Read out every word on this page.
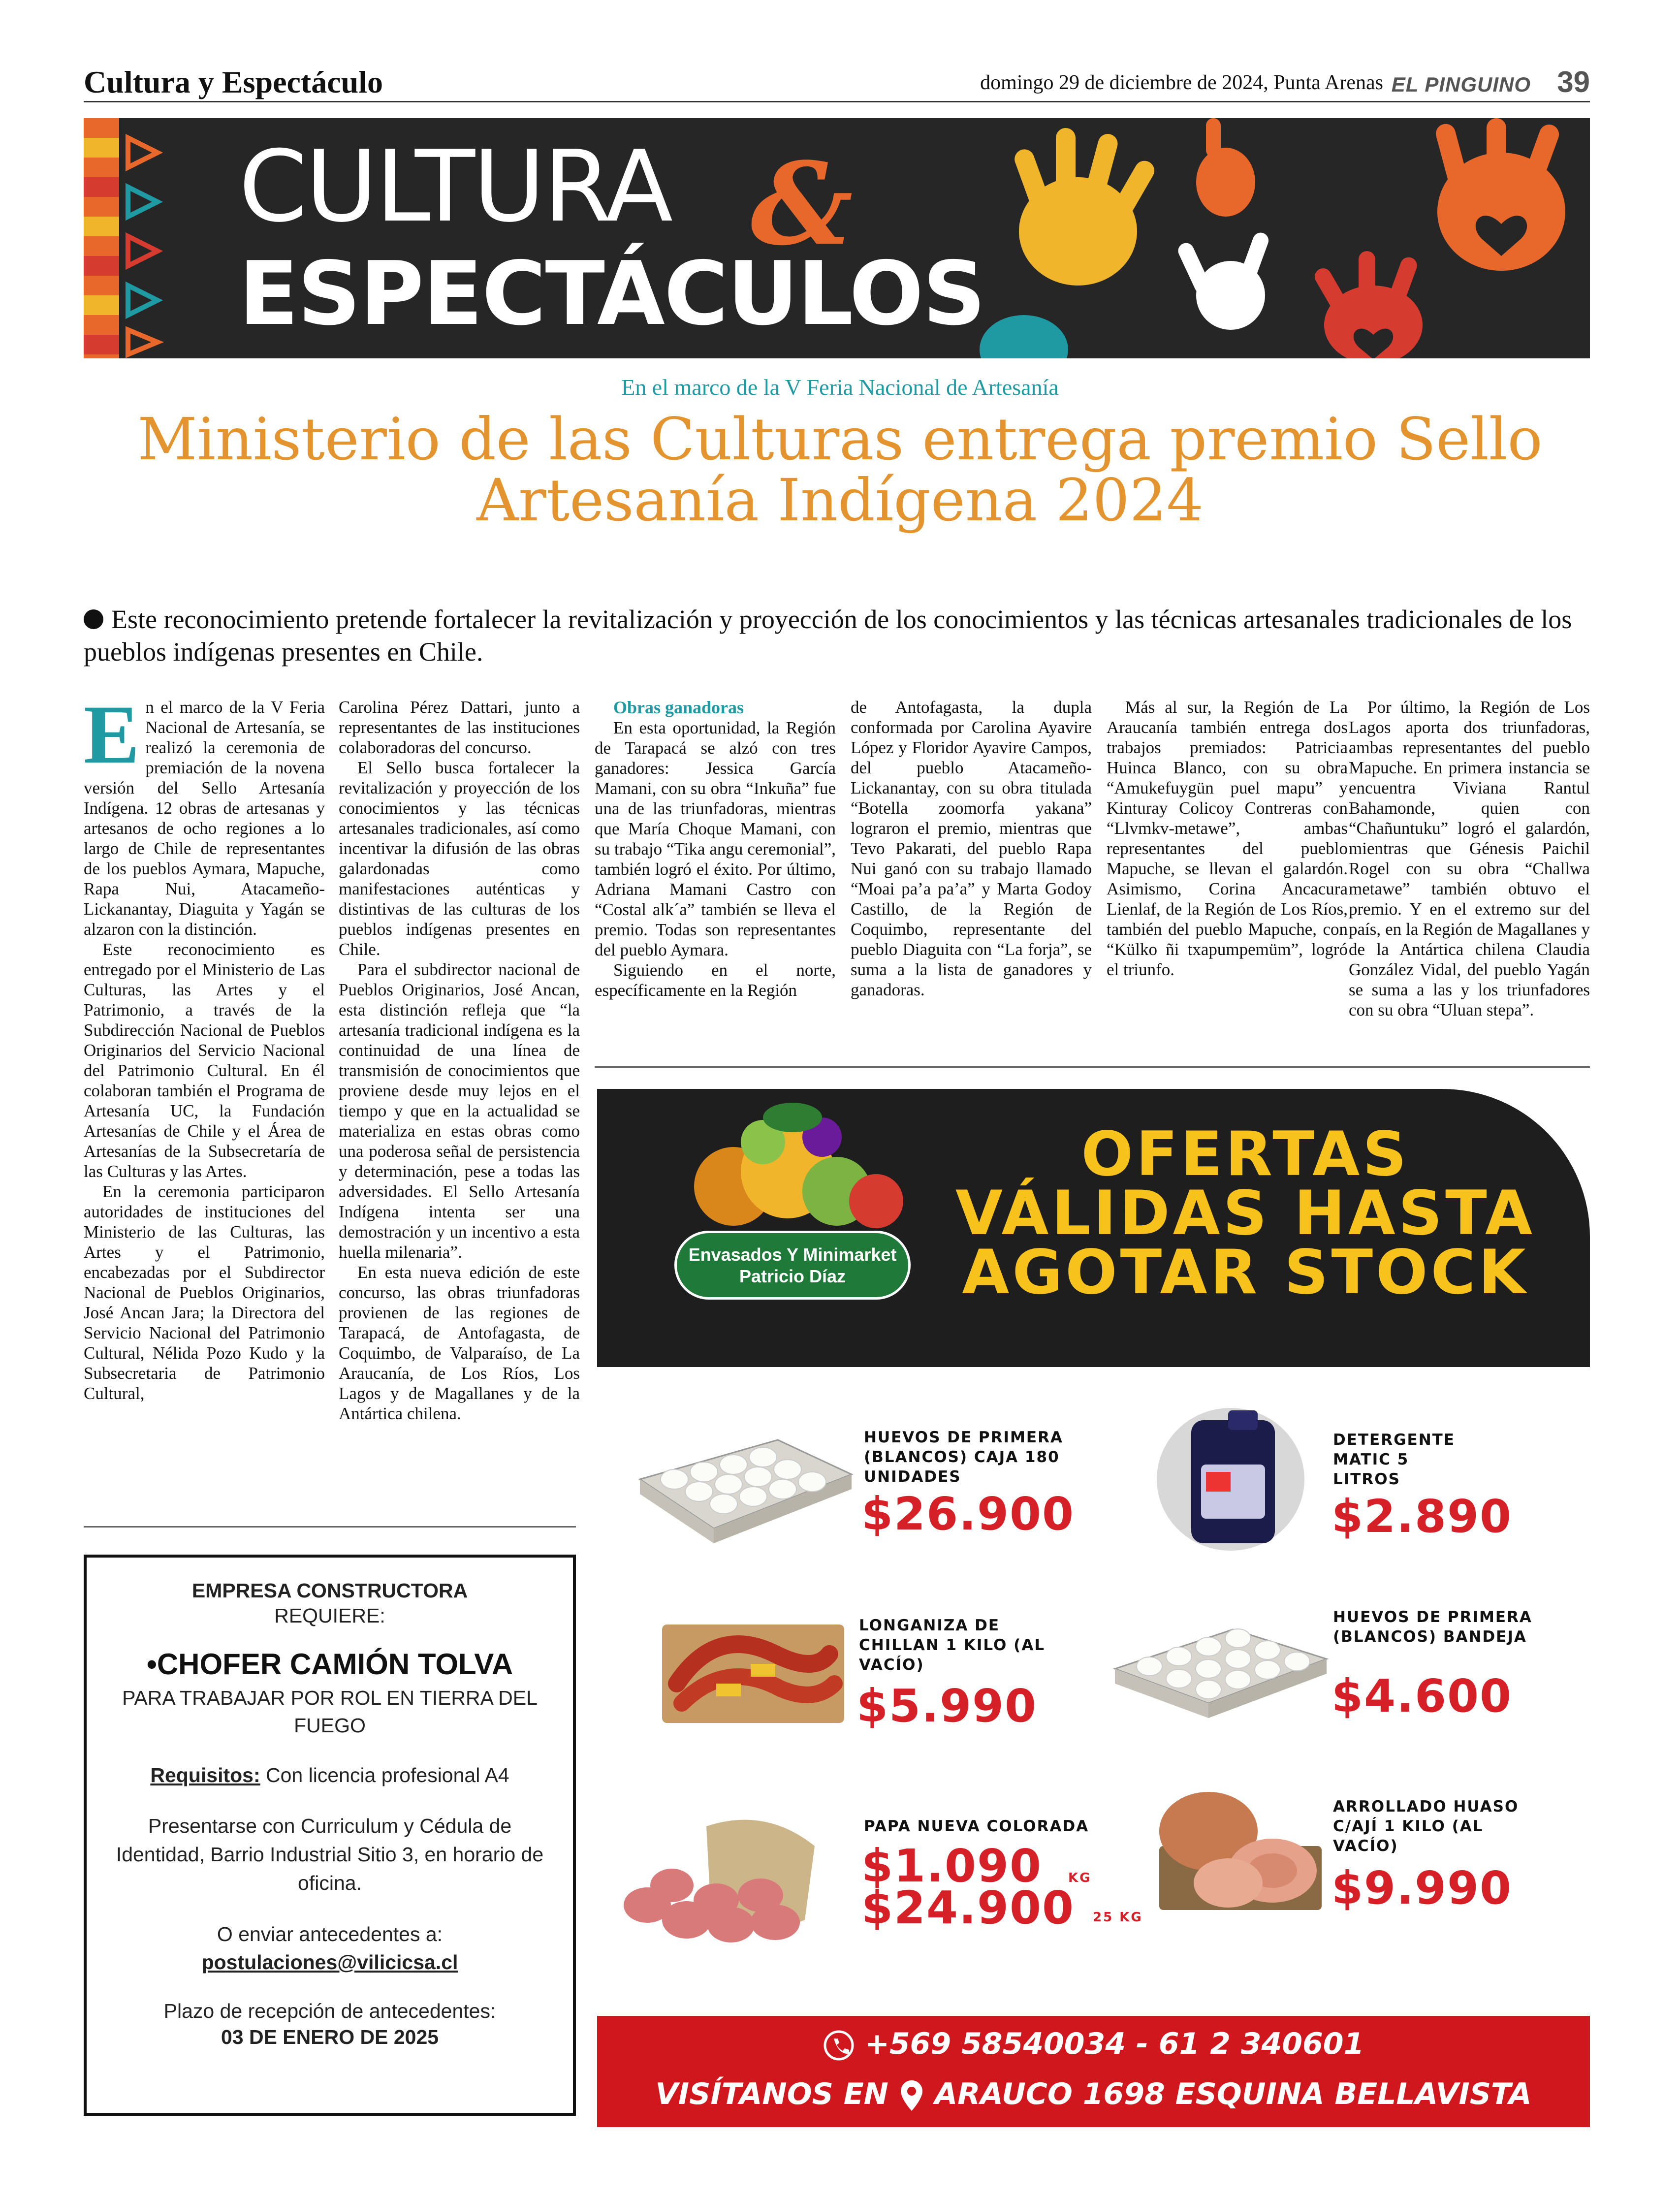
Cultura y Espectáculo	domingo 29 de diciembre de 2024, Punta Arenas EL PINGUINO 39
CULTURA &
ESPECTÁCULOS
En el marco de la V Feria Nacional de Artesanía
Ministerio de las Culturas entrega premio Sello Artesanía Indígena 2024
Este reconocimiento pretende fortalecer la revitalización y proyección de los conocimientos y las técnicas artesanales tradicionales de los pueblos indígenas presentes en Chile.
E n el marco de la V Feria Nacional de Artesanía, se realizó la ceremonia de premiación de la novena versión del Sello Artesanía Indígena. 12 obras de artesanas y artesanos de ocho regiones a lo largo de Chile de representantes de los pueblos Aymara, Mapuche, Rapa Nui, Atacameño-Lickanantay, Diaguita y Yagán se alzaron con la distinción.

Este reconocimiento es entregado por el Ministerio de Las Culturas, las Artes y el Patrimonio, a través de la Subdirección Nacional de Pueblos Originarios del Servicio Nacional del Patrimonio Cultural. En él colaboran también el Programa de Artesanía UC, la Fundación Artesanías de Chile y el Área de Artesanías de la Subsecretaría de las Culturas y las Artes.

En la ceremonia participaron autoridades de instituciones del Ministerio de las Culturas, las Artes y el Patrimonio, encabezadas por el Subdirector Nacional de Pueblos Originarios, José Ancan Jara; la Directora del Servicio Nacional del Patrimonio Cultural, Nélida Pozo Kudo y la Subsecretaria de Patrimonio Cultural,

Carolina Pérez Dattari, junto a representantes de las instituciones colaboradoras del concurso.

El Sello busca fortalecer la revitalización y proyección de los conocimientos y las técnicas artesanales tradicionales, así como incentivar la difusión de las obras galardonadas como manifestaciones auténticas y distintivas de las culturas de los pueblos indígenas presentes en Chile.

Para el subdirector nacional de Pueblos Originarios, José Ancan, esta distinción refleja que “la artesanía tradicional indígena es la continuidad de una línea de transmisión de conocimientos que proviene desde muy lejos en el tiempo y que en la actualidad se materializa en estas obras como una poderosa señal de persistencia y determinación, pese a todas las adversidades. El Sello Artesanía Indígena intenta ser una demostración y un incentivo a esta huella milenaria”.

En esta nueva edición de este concurso, las obras triunfadoras provienen de las regiones de Tarapacá, de Antofagasta, de Coquimbo, de Valparaíso, de La Araucanía, de Los Ríos, Los Lagos y de Magallanes y de la Antártica chilena.

Obras ganadoras

En esta oportunidad, la Región de Tarapacá se alzó con tres ganadores: Jessica García Mamani, con su obra “Inkuña” fue una de las triunfadoras, mientras que María Choque Mamani, con su trabajo “Tika angu ceremonial”, también logró el éxito. Por último, Adriana Mamani Castro con “Costal alk´a” también se lleva el premio. Todas son representantes del pueblo Aymara.

Siguiendo en el norte, específicamente en la Región

de Antofagasta, la dupla conformada por Carolina Ayavire López y Floridor Ayavire Campos, del pueblo Atacameño-Lickanantay, con su obra titulada “Botella zoomorfa yakana” lograron el premio, mientras que Tevo Pakarati, del pueblo Rapa Nui ganó con su trabajo llamado “Moai pa’a pa’a” y Marta Godoy Castillo, de la Región de Coquimbo, representante del pueblo Diaguita con “La forja”, se suma a la lista de ganadores y ganadoras.

Más al sur, la Región de La Araucanía también entrega dos trabajos premiados: Patricia Huinca Blanco, con su obra “Amukefuygün puel mapu” y Kinturay Colicoy Contreras con “Llvmkv-metawe”, ambas representantes del pueblo Mapuche, se llevan el galardón. Asimismo, Corina Ancacura Lienlaf, de la Región de Los Ríos, también del pueblo Mapuche, con “Külko ñi txapumpemüm”, logró el triunfo.

Por último, la Región de Los Lagos aporta dos triunfadoras, ambas representantes del pueblo Mapuche. En primera instancia se encuentra Viviana Rantul Bahamonde, quien con “Chañuntuku” logró el galardón, mientras que Génesis Paichil Rogel con su obra “Challwa metawe” también obtuvo el premio. Y en el extremo sur del país, en la Región de Magallanes y de la Antártica chilena Claudia González Vidal, del pueblo Yagán se suma a las y los triunfadores con su obra “Uluan stepa”.

EMPRESA CONSTRUCTORA
REQUIERE:
•CHOFER CAMIÓN TOLVA
PARA TRABAJAR POR ROL EN TIERRA DEL FUEGO
Requisitos: Con licencia profesional A4
Presentarse con Curriculum y Cédula de Identidad, Barrio Industrial Sitio 3, en horario de oficina.
O enviar antecedentes a:
postulaciones@vilicicsa.cl
Plazo de recepción de antecedentes:
03 DE ENERO DE 2025
Envasados Y Minimarket
Patricio Díaz
OFERTAS VÁLIDAS HASTA AGOTAR STOCK
HUEVOS DE PRIMERA (BLANCOS) CAJA 180 UNIDADES
$26.900
DETERGENTE MATIC 5 LITROS
$2.890
LONGANIZA DE CHILLAN 1 KILO (AL VACÍO)
$5.990
HUEVOS DE PRIMERA (BLANCOS) BANDEJA
$4.600
PAPA NUEVA COLORADA
$1.090 KG
$24.900 25 KG
ARROLLADO HUASO C/AJÍ 1 KILO (AL VACÍO)
$9.990
+569 58540034 - 61 2 340601
VISÍTANOS EN ARAUCO 1698 ESQUINA BELLAVISTA
